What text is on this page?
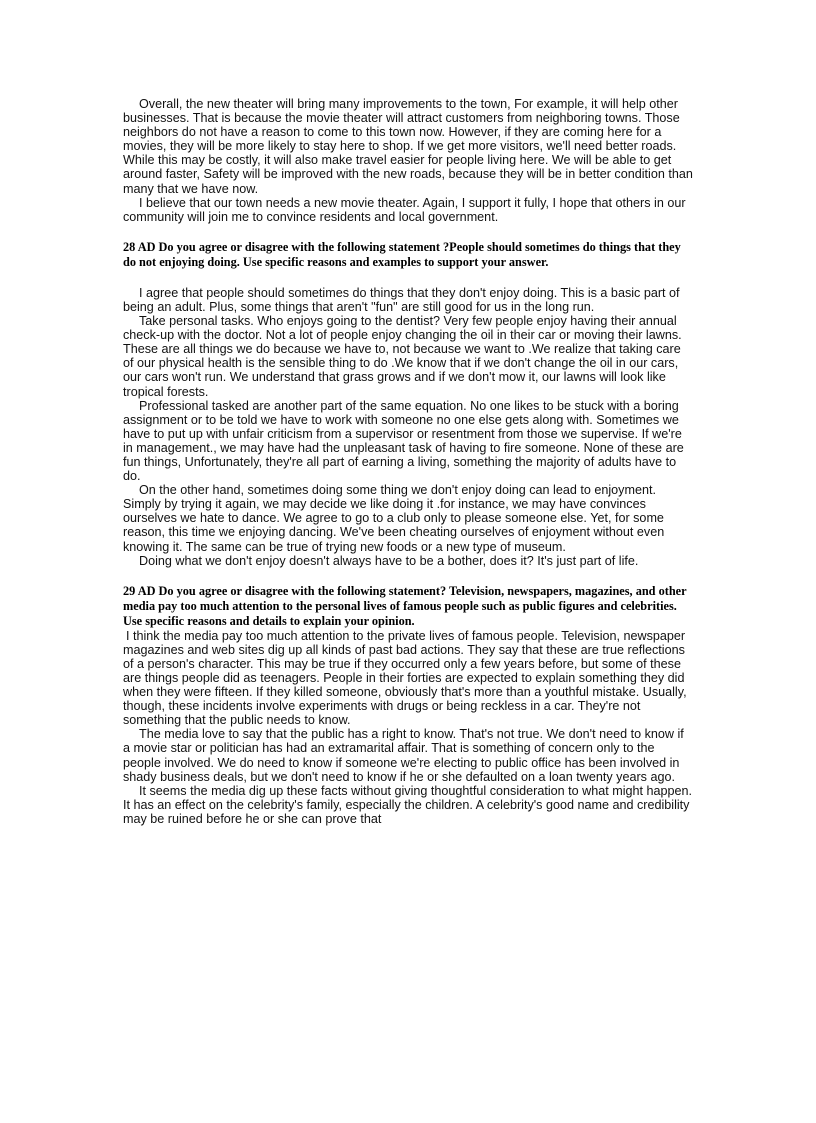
Overall, the new theater will bring many improvements to the town, For example, it will help other businesses. That is because the movie theater will attract customers from neighboring towns. Those neighbors do not have a reason to come to this town now. However, if they are coming here for a movies, they will be more likely to stay here to shop. If we get more visitors, we'll need better roads. While this may be costly, it will also make travel easier for people living here. We will be able to get around faster, Safety will be improved with the new roads, because they will be in better condition than many that we have now.

I believe that our town needs a new movie theater. Again, I support it fully, I hope that others in our community will join me to convince residents and local government.

28 AD Do you agree or disagree with the following statement ?People should sometimes do things that they do not enjoying doing. Use specific reasons and examples to support your answer.

I agree that people should sometimes do things that they don't enjoy doing. This is a basic part of being an adult. Plus, some things that aren't "fun" are still good for us in the long run.

Take personal tasks. Who enjoys going to the dentist? Very few people enjoy having their annual check-up with the doctor. Not a lot of people enjoy changing the oil in their car or moving their lawns. These are all things we do because we have to, not because we want to .We realize that taking care of our physical health is the sensible thing to do .We know that if we don't change the oil in our cars, our cars won't run. We understand that grass grows and if we don't mow it, our lawns will look like tropical forests.

Professional tasked are another part of the same equation. No one likes to be stuck with a boring assignment or to be told we have to work with someone no one else gets along with. Sometimes we have to put up with unfair criticism from a supervisor or resentment from those we supervise. If we're in management., we may have had the unpleasant task of having to fire someone. None of these are fun things, Unfortunately, they're all part of earning a living, something the majority of adults have to do.

On the other hand, sometimes doing some thing we don't enjoy doing can lead to enjoyment. Simply by trying it again, we may decide we like doing it .for instance, we may have convinces ourselves we hate to dance. We agree to go to a club only to please someone else. Yet, for some reason, this time we enjoying dancing. We've been cheating ourselves of enjoyment without even knowing it. The same can be true of trying new foods or a new type of museum.

Doing what we don't enjoy doesn't always have to be a bother, does it? It's just part of life.

29 AD Do you agree or disagree with the following statement? Television, newspapers, magazines, and other media pay too much attention to the personal lives of famous people such as public figures and celebrities. Use specific reasons and details to explain your opinion.

I think the media pay too much attention to the private lives of famous people. Television, newspaper magazines and web sites dig up all kinds of past bad actions. They say that these are true reflections of a person's character. This may be true if they occurred only a few years before, but some of these are things people did as teenagers. People in their forties are expected to explain something they did when they were fifteen. If they killed someone, obviously that's more than a youthful mistake. Usually, though, these incidents involve experiments with drugs or being reckless in a car. They're not something that the public needs to know.

The media love to say that the public has a right to know. That's not true. We don't need to know if a movie star or politician has had an extramarital affair. That is something of concern only to the people involved. We do need to know if someone we're electing to public office has been involved in shady business deals, but we don't need to know if he or she defaulted on a loan twenty years ago.

It seems the media dig up these facts without giving thoughtful consideration to what might happen. It has an effect on the celebrity's family, especially the children. A celebrity's good name and credibility may be ruined before he or she can prove that
